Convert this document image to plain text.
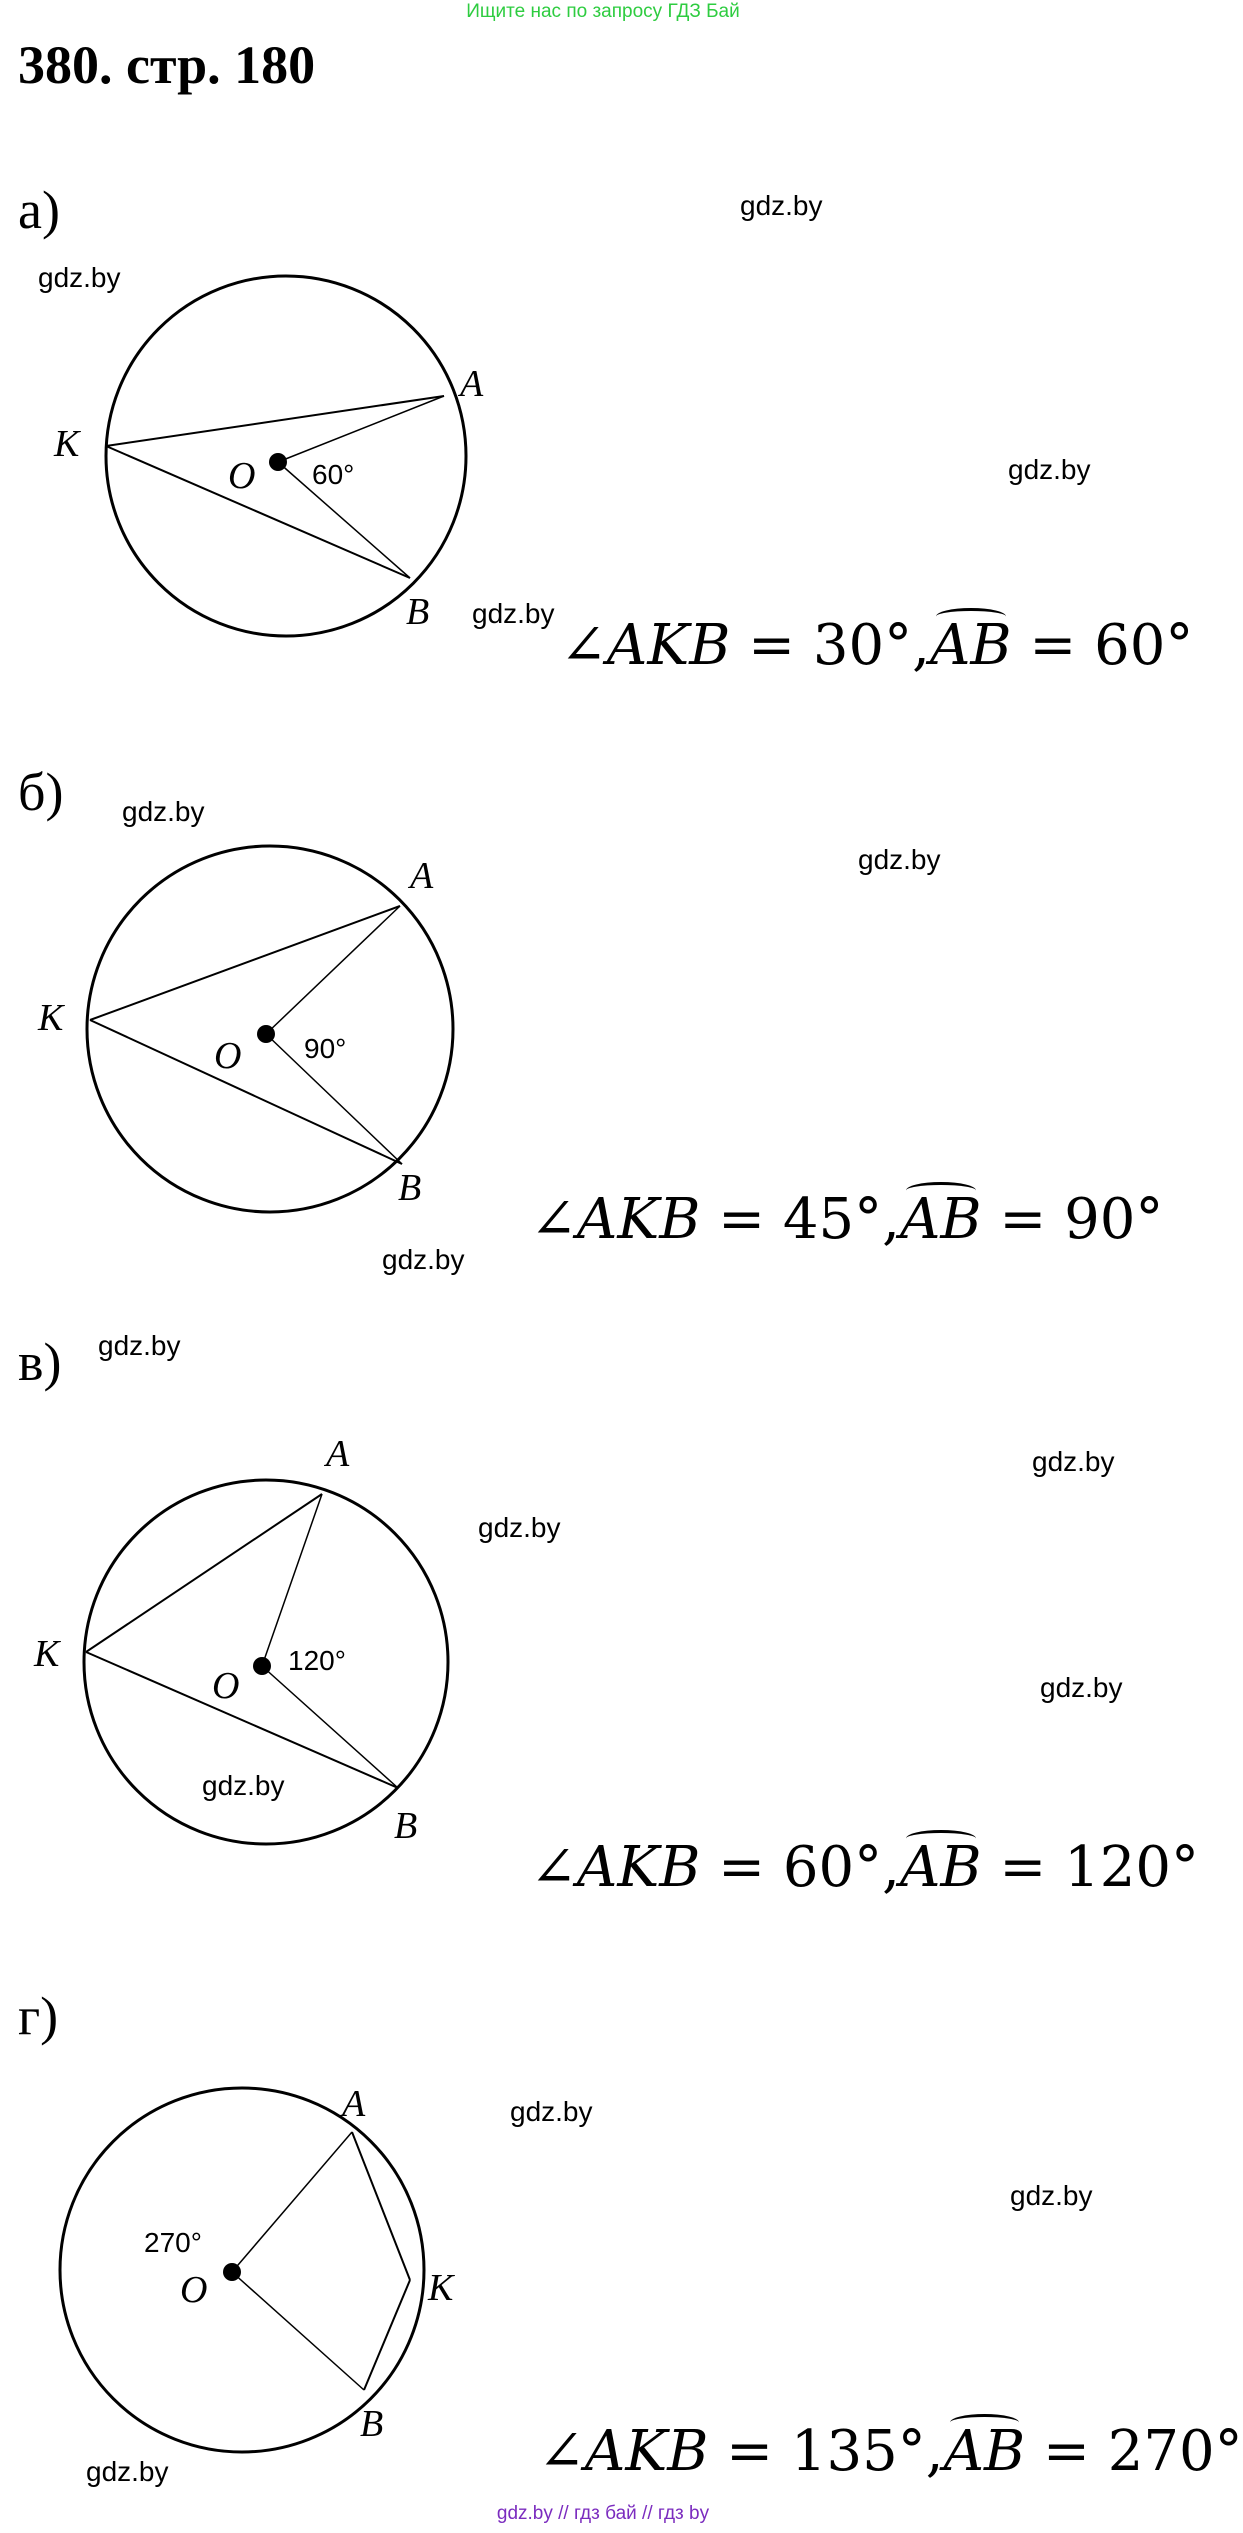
Ищите нас по запросу ГДЗ Бай
380. стр. 180
а)	gdz.by
gdz.by
gdz.by
gdz.by
A
K
B
O 60°
∠AKB = 30°,AB = 60°
б) gdz.by
gdz.by
gdz.by
A
K
B
O 90°
∠AKB = 45°,AB = 90°
в) gdz.by
gdz.by
gdz.by
gdz.by
gdz.by
A
K
B
O
120°
∠AKB = 60°,AB = 120°
г)
gdz.by
gdz.by
gdz.by
A
K
B
O
270°
∠AKB = 135°,AB = 270°
gdz.by // гдз бай // гдз by
